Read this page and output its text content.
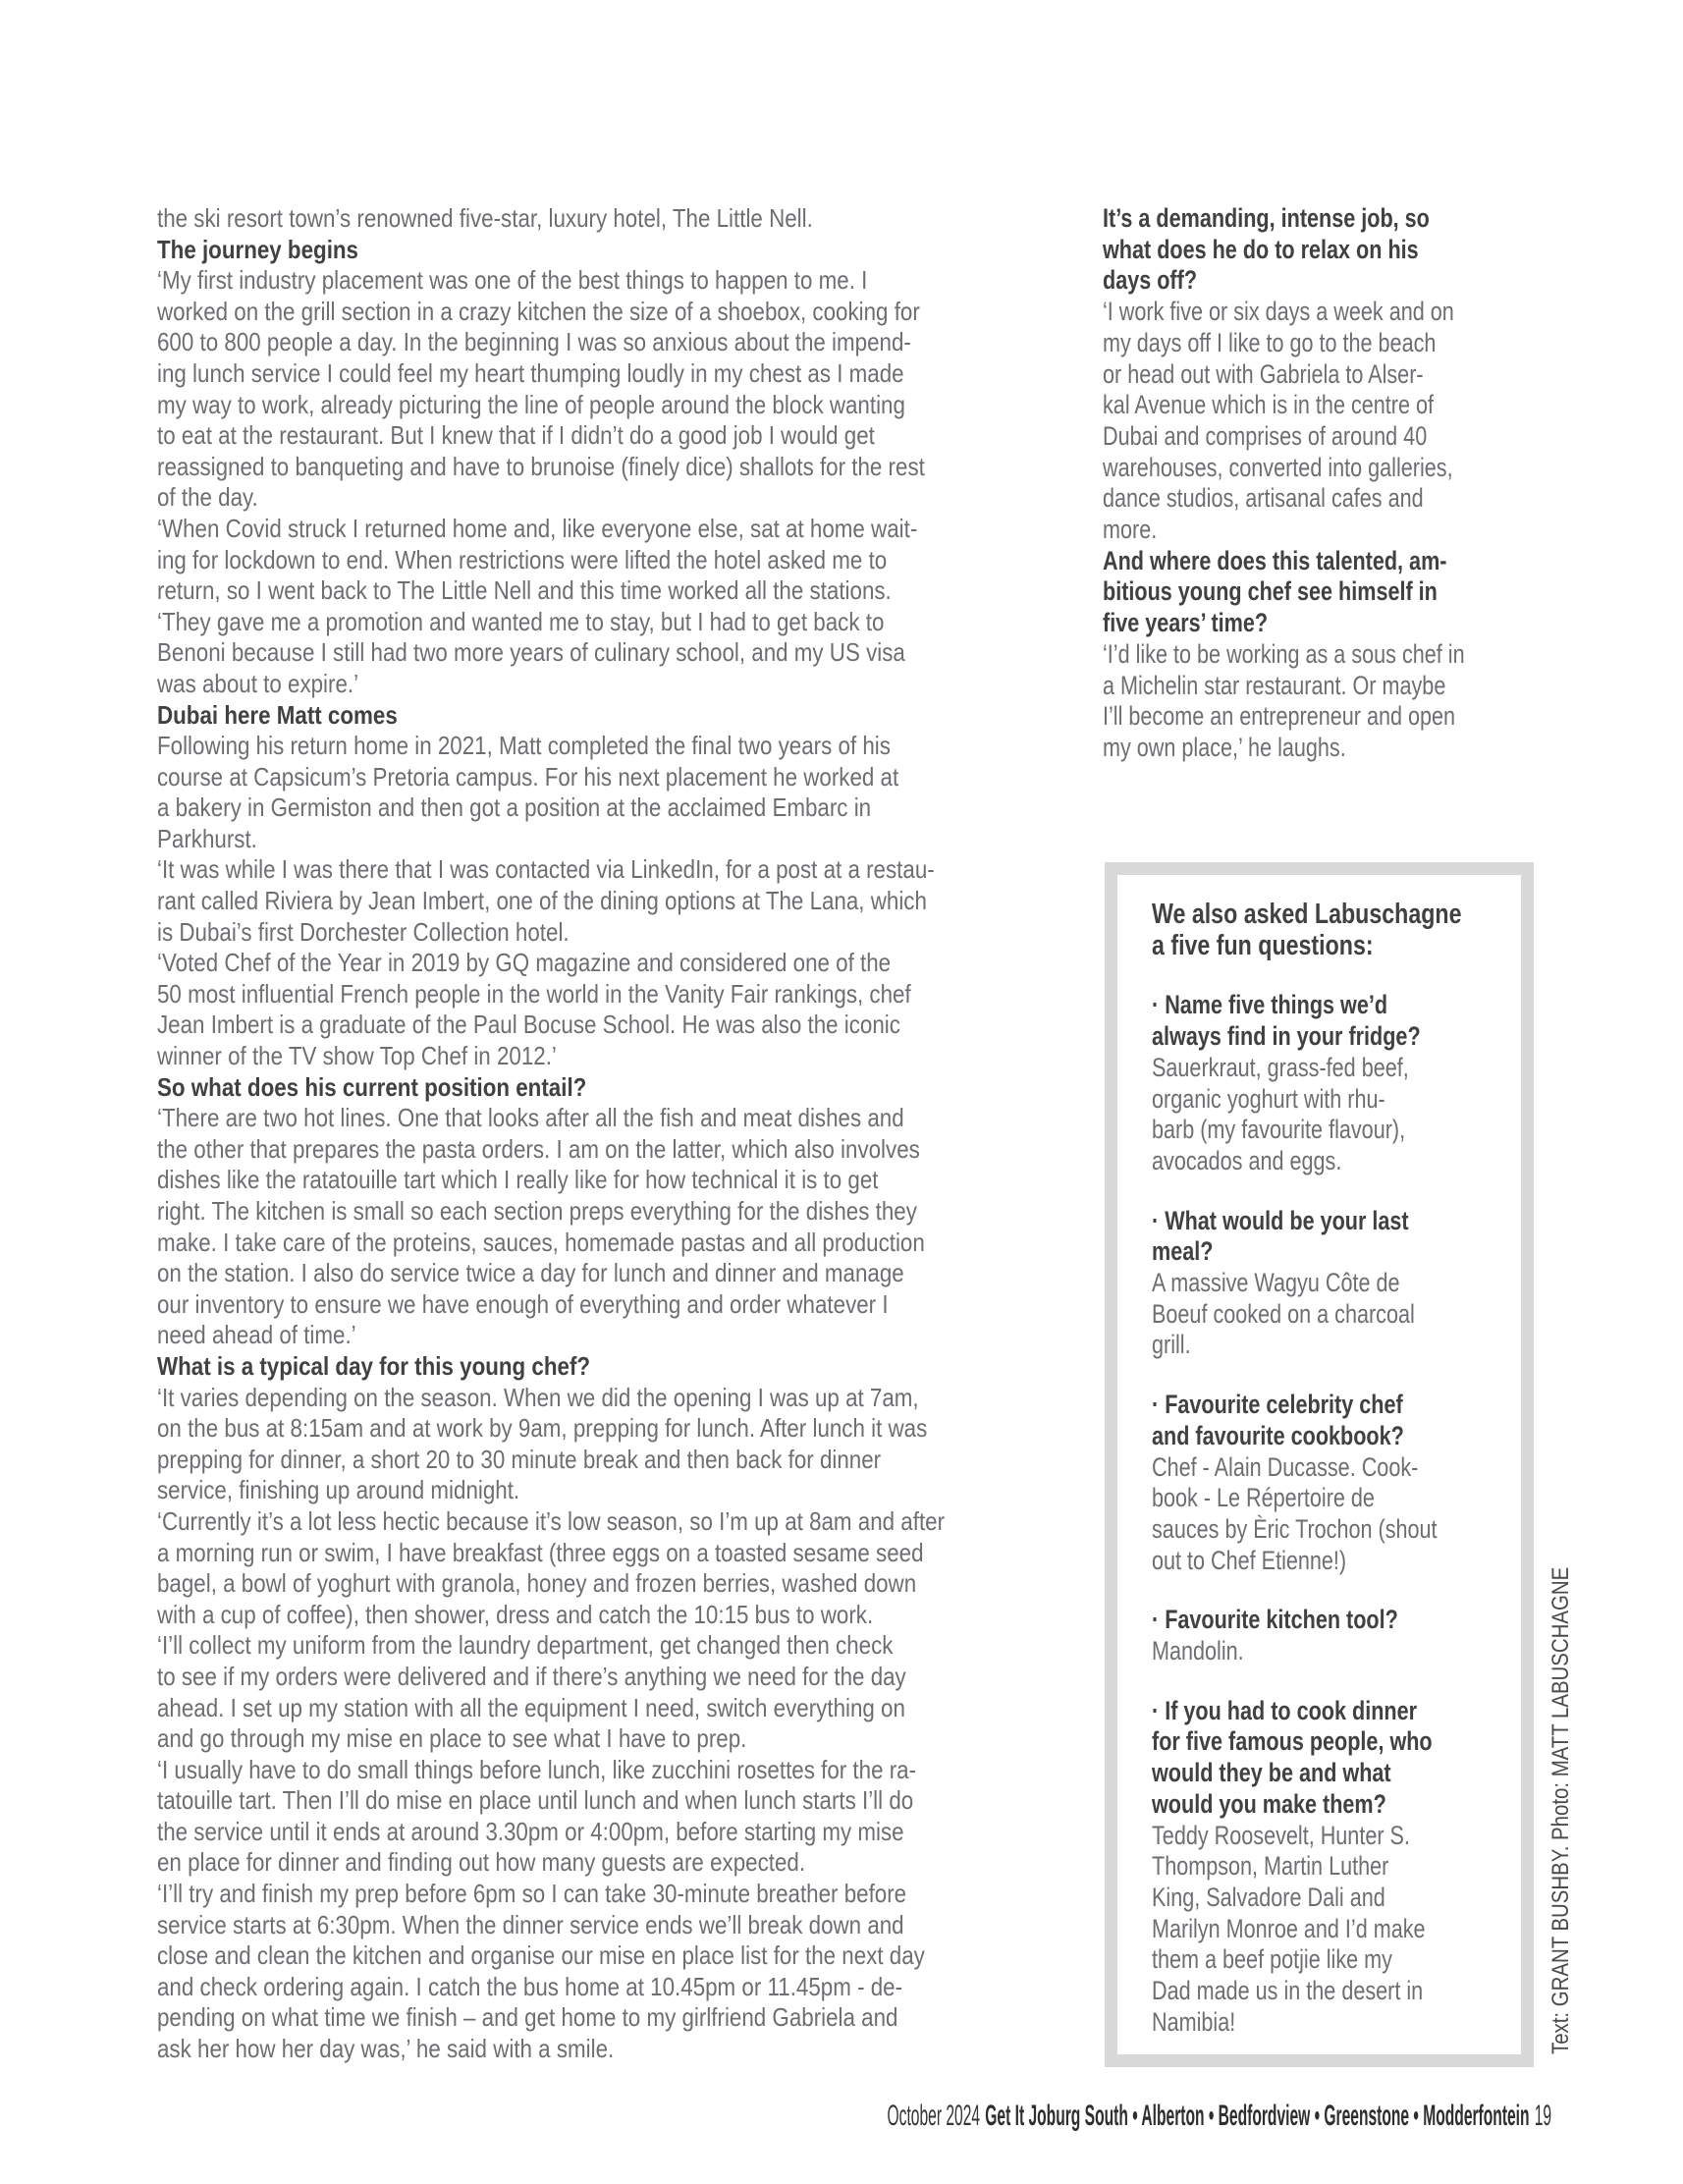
the ski resort town’s renowned five-star, luxury hotel, The Little Nell.
The journey begins
‘My first industry placement was one of the best things to happen to me. I
worked on the grill section in a crazy kitchen the size of a shoebox, cooking for
600 to 800 people a day. In the beginning I was so anxious about the impend-
ing lunch service I could feel my heart thumping loudly in my chest as I made
my way to work, already picturing the line of people around the block wanting
to eat at the restaurant. But I knew that if I didn’t do a good job I would get
reassigned to banqueting and have to brunoise (finely dice) shallots for the rest
of the day.
‘When Covid struck I returned home and, like everyone else, sat at home wait-
ing for lockdown to end. When restrictions were lifted the hotel asked me to
return, so I went back to The Little Nell and this time worked all the stations.
‘They gave me a promotion and wanted me to stay, but I had to get back to
Benoni because I still had two more years of culinary school, and my US visa
was about to expire.’
Dubai here Matt comes
Following his return home in 2021, Matt completed the final two years of his
course at Capsicum’s Pretoria campus. For his next placement he worked at
a bakery in Germiston and then got a position at the acclaimed Embarc in
Parkhurst.
‘It was while I was there that I was contacted via LinkedIn, for a post at a restau-
rant called Riviera by Jean Imbert, one of the dining options at The Lana, which
is Dubai’s first Dorchester Collection hotel.
‘Voted Chef of the Year in 2019 by GQ magazine and considered one of the
50 most influential French people in the world in the Vanity Fair rankings, chef
Jean Imbert is a graduate of the Paul Bocuse School. He was also the iconic
winner of the TV show Top Chef in 2012.’
So what does his current position entail?
‘There are two hot lines. One that looks after all the fish and meat dishes and
the other that prepares the pasta orders. I am on the latter, which also involves
dishes like the ratatouille tart which I really like for how technical it is to get
right. The kitchen is small so each section preps everything for the dishes they
make. I take care of the proteins, sauces, homemade pastas and all production
on the station. I also do service twice a day for lunch and dinner and manage
our inventory to ensure we have enough of everything and order whatever I
need ahead of time.’
What is a typical day for this young chef?
‘It varies depending on the season. When we did the opening I was up at 7am,
on the bus at 8:15am and at work by 9am, prepping for lunch. After lunch it was
prepping for dinner, a short 20 to 30 minute break and then back for dinner
service, finishing up around midnight.
‘Currently it’s a lot less hectic because it’s low season, so I’m up at 8am and after
a morning run or swim, I have breakfast (three eggs on a toasted sesame seed
bagel, a bowl of yoghurt with granola, honey and frozen berries, washed down
with a cup of coffee), then shower, dress and catch the 10:15 bus to work.
‘I’ll collect my uniform from the laundry department, get changed then check
to see if my orders were delivered and if there’s anything we need for the day
ahead. I set up my station with all the equipment I need, switch everything on
and go through my mise en place to see what I have to prep.
‘I usually have to do small things before lunch, like zucchini rosettes for the ra-
tatouille tart. Then I’ll do mise en place until lunch and when lunch starts I’ll do
the service until it ends at around 3.30pm or 4:00pm, before starting my mise
en place for dinner and finding out how many guests are expected.
‘I’ll try and finish my prep before 6pm so I can take 30-minute breather before
service starts at 6:30pm. When the dinner service ends we’ll break down and
close and clean the kitchen and organise our mise en place list for the next day
and check ordering again. I catch the bus home at 10.45pm or 11.45pm - de-
pending on what time we finish – and get home to my girlfriend Gabriela and
ask her how her day was,’ he said with a smile.
It’s a demanding, intense job, so
what does he do to relax on his
days off?
‘I work five or six days a week and on
my days off I like to go to the beach
or head out with Gabriela to Alser-
kal Avenue which is in the centre of
Dubai and comprises of around 40
warehouses, converted into galleries,
dance studios, artisanal cafes and
more.
And where does this talented, am-
bitious young chef see himself in
five years’ time?
‘I’d like to be working as a sous chef in
a Michelin star restaurant. Or maybe
I’ll become an entrepreneur and open
my own place,’ he laughs.
We also asked Labuschagne
a five fun questions:
· Name five things we’d
always find in your fridge?
Sauerkraut, grass-fed beef,
organic yoghurt with rhu-
barb (my favourite flavour),
avocados and eggs.
· What would be your last
meal?
A massive Wagyu Côte de
Boeuf cooked on a charcoal
grill.
· Favourite celebrity chef
and favourite cookbook?
Chef - Alain Ducasse. Cook-
book - Le Répertoire de
sauces by Èric Trochon (shout
out to Chef Etienne!)
· Favourite kitchen tool?
Mandolin.
· If you had to cook dinner
for five famous people, who
would they be and what
would you make them?
Teddy Roosevelt, Hunter S.
Thompson, Martin Luther
King, Salvadore Dali and
Marilyn Monroe and I’d make
them a beef potjie like my
Dad made us in the desert in
Namibia!	Text: GRANT BUSHBY. Photo: MATT LABUSCHAGNE
October 2024 Get It Joburg South • Alberton • Bedfordview • Greenstone • Modderfontein 19
